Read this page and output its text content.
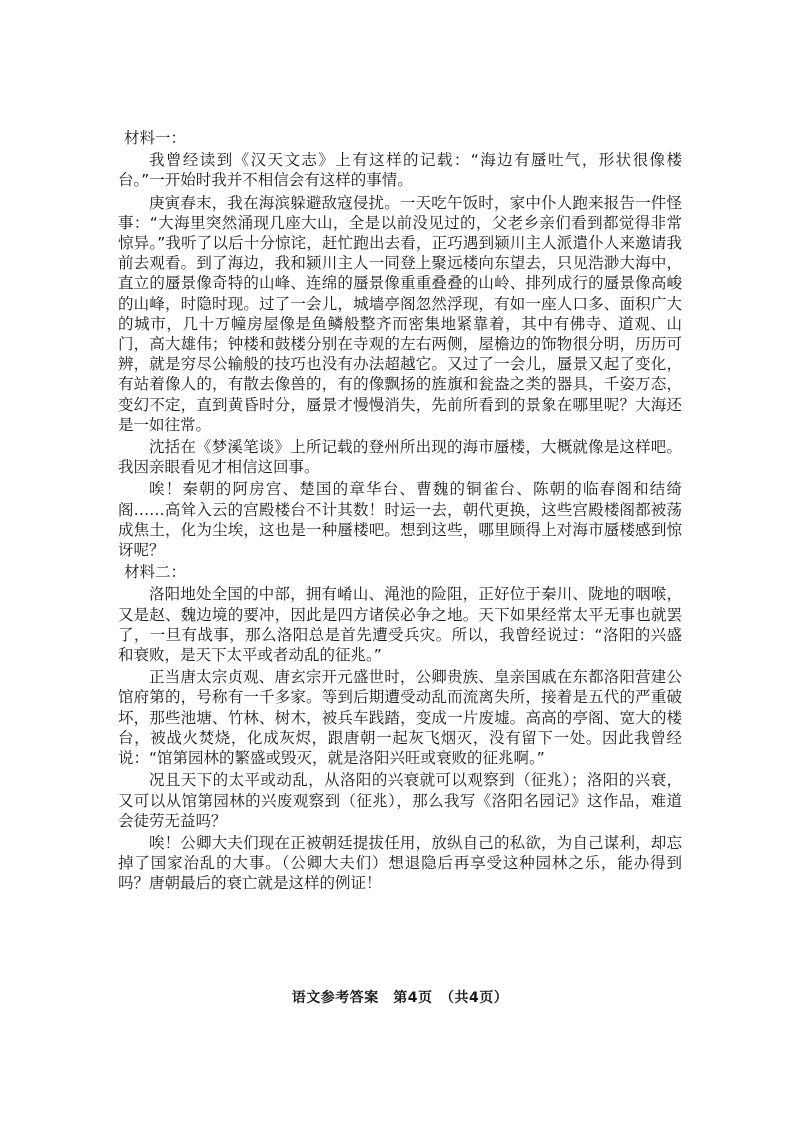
材料一：

我曾经读到《汉天文志》上有这样的记载：“海边有蜃吐气，形状很像楼台。”一开始时我并不相信会有这样的事情。

庚寅春末，我在海滨躲避敌寇侵扰。一天吃午饭时，家中仆人跑来报告一件怪事：“大海里突然涌现几座大山，全是以前没见过的，父老乡亲们看到都觉得非常惊异。”我听了以后十分惊诧，赶忙跑出去看，正巧遇到颍川主人派遣仆人来邀请我前去观看。到了海边，我和颍川主人一同登上聚远楼向东望去，只见浩渺大海中，直立的蜃景像奇特的山峰、连绵的蜃景像重重叠叠的山岭、排列成行的蜃景像高峻的山峰，时隐时现。过了一会儿，城墙亭阁忽然浮现，有如一座人口多、面积广大的城市，几十万幢房屋像是鱼鳞般整齐而密集地紧靠着，其中有佛寺、道观、山门，高大雄伟；钟楼和鼓楼分别在寺观的左右两侧，屋檐边的饰物很分明，历历可辨，就是穷尽公输般的技巧也没有办法超越它。又过了一会儿，蜃景又起了变化，有站着像人的，有散去像兽的，有的像飘扬的旌旗和瓮盎之类的器具，千姿万态，变幻不定，直到黄昏时分，蜃景才慢慢消失，先前所看到的景象在哪里呢？大海还是一如往常。

沈括在《梦溪笔谈》上所记载的登州所出现的海市蜃楼，大概就像是这样吧。我因亲眼看见才相信这回事。

唉！秦朝的阿房宫、楚国的章华台、曹魏的铜雀台、陈朝的临春阁和结绮阁……高耸入云的宫殿楼台不计其数！时运一去，朝代更换，这些宫殿楼阁都被荡成焦土，化为尘埃，这也是一种蜃楼吧。想到这些，哪里顾得上对海市蜃楼感到惊讶呢？

材料二：

洛阳地处全国的中部，拥有崤山、渑池的险阻，正好位于秦川、陇地的咽喉，又是赵、魏边境的要冲，因此是四方诸侯必争之地。天下如果经常太平无事也就罢了，一旦有战事，那么洛阳总是首先遭受兵灾。所以，我曾经说过：“洛阳的兴盛和衰败，是天下太平或者动乱的征兆。”

正当唐太宗贞观、唐玄宗开元盛世时，公卿贵族、皇亲国戚在东都洛阳营建公馆府第的，号称有一千多家。等到后期遭受动乱而流离失所，接着是五代的严重破坏，那些池塘、竹林、树木，被兵车践踏，变成一片废墟。高高的亭阁、宽大的楼台，被战火焚烧，化成灰烬，跟唐朝一起灰飞烟灭，没有留下一处。因此我曾经说：“馆第园林的繁盛或毁灭，就是洛阳兴旺或衰败的征兆啊。”

况且天下的太平或动乱，从洛阳的兴衰就可以观察到（征兆）；洛阳的兴衰，又可以从馆第园林的兴废观察到（征兆），那么我写《洛阳名园记》这作品，难道会徒劳无益吗？

唉！公卿大夫们现在正被朝廷提拔任用，放纵自己的私欲，为自己谋利，却忘掉了国家治乱的大事。（公卿大夫们）想退隐后再享受这种园林之乐，能办得到吗？唐朝最后的衰亡就是这样的例证！

语文参考答案　第4页　（共4页）
